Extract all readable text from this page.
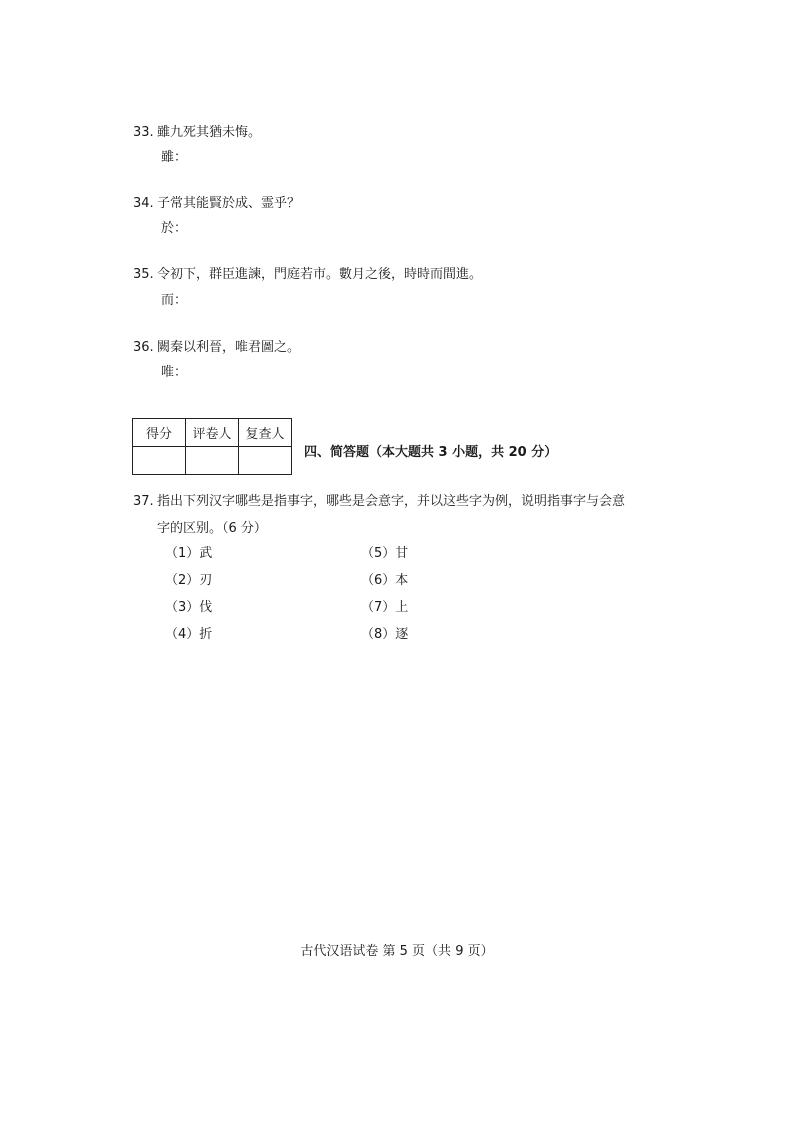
33. 雖九死其猶未悔。
雖：
34. 子常其能賢於成、霊乎？
於：
35. 令初下，群臣進諫，門庭若市。數月之後，時時而間進。
而：
36. 闕秦以利晉，唯君圖之。
唯：
得分	评卷人	复查人

四、简答题（本大题共 3 小题，共 20 分）
37. 指出下列汉字哪些是指事字，哪些是会意字，并以这些字为例，说明指事字与会意
字的区别。（6 分）
（1）武
（2）刃
（3）伐
（4）折
（5）甘
（6）本
（7）上
（8）逐
古代汉语试卷 第 5 页（共 9 页）
